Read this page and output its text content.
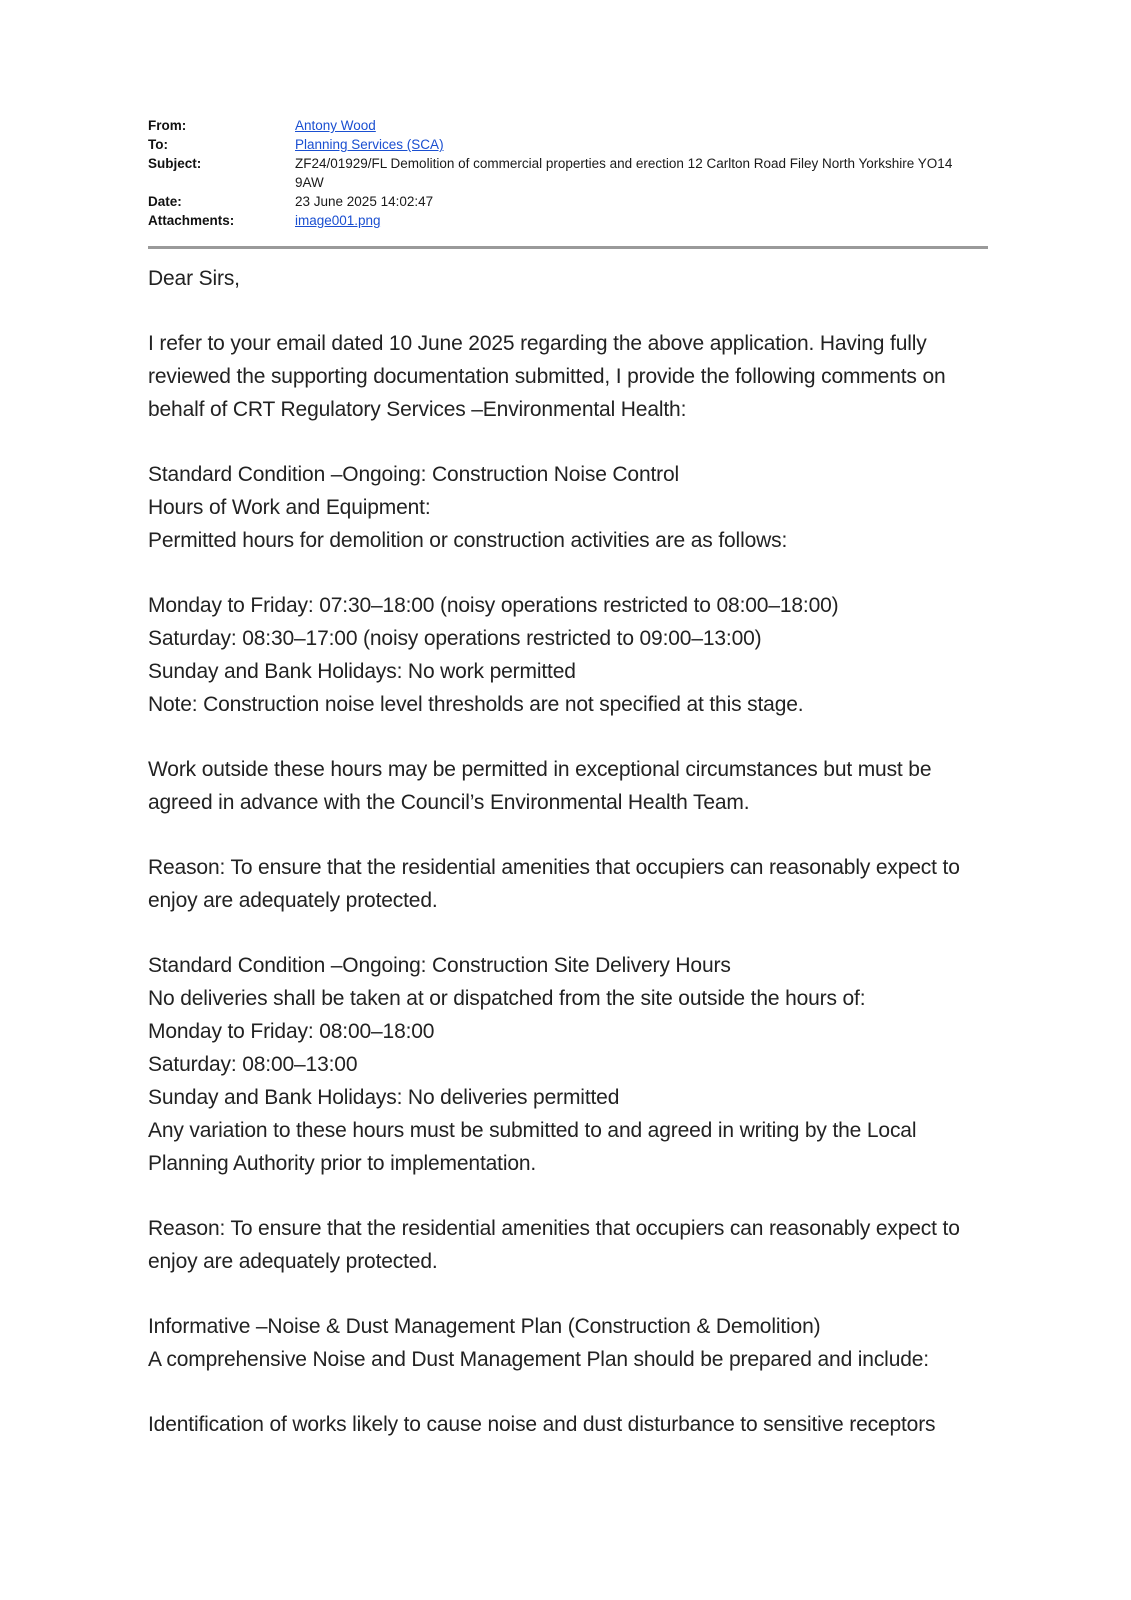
From:	Antony Wood
To:	Planning Services (SCA)
Subject:	ZF24/01929/FL Demolition of commercial properties and erection 12 Carlton Road Filey North Yorkshire YO14 9AW
Date:	23 June 2025 14:02:47
Attachments:	image001.png

Dear Sirs,

I refer to your email dated 10 June 2025 regarding the above application. Having fully reviewed the supporting documentation submitted, I provide the following comments on behalf of CRT Regulatory Services –Environmental Health:

Standard Condition –Ongoing: Construction Noise Control

Hours of Work and Equipment:

Permitted hours for demolition or construction activities are as follows:

Monday to Friday: 07:30–18:00 (noisy operations restricted to 08:00–18:00)

Saturday: 08:30–17:00 (noisy operations restricted to 09:00–13:00)

Sunday and Bank Holidays: No work permitted

Note: Construction noise level thresholds are not specified at this stage.

Work outside these hours may be permitted in exceptional circumstances but must be agreed in advance with the Council’s Environmental Health Team.

Reason: To ensure that the residential amenities that occupiers can reasonably expect to enjoy are adequately protected.

Standard Condition –Ongoing: Construction Site Delivery Hours

No deliveries shall be taken at or dispatched from the site outside the hours of:

Monday to Friday: 08:00–18:00

Saturday: 08:00–13:00

Sunday and Bank Holidays: No deliveries permitted

Any variation to these hours must be submitted to and agreed in writing by the Local Planning Authority prior to implementation.

Reason: To ensure that the residential amenities that occupiers can reasonably expect to enjoy are adequately protected.

Informative –Noise & Dust Management Plan (Construction & Demolition)

A comprehensive Noise and Dust Management Plan should be prepared and include:

Identification of works likely to cause noise and dust disturbance to sensitive receptors
